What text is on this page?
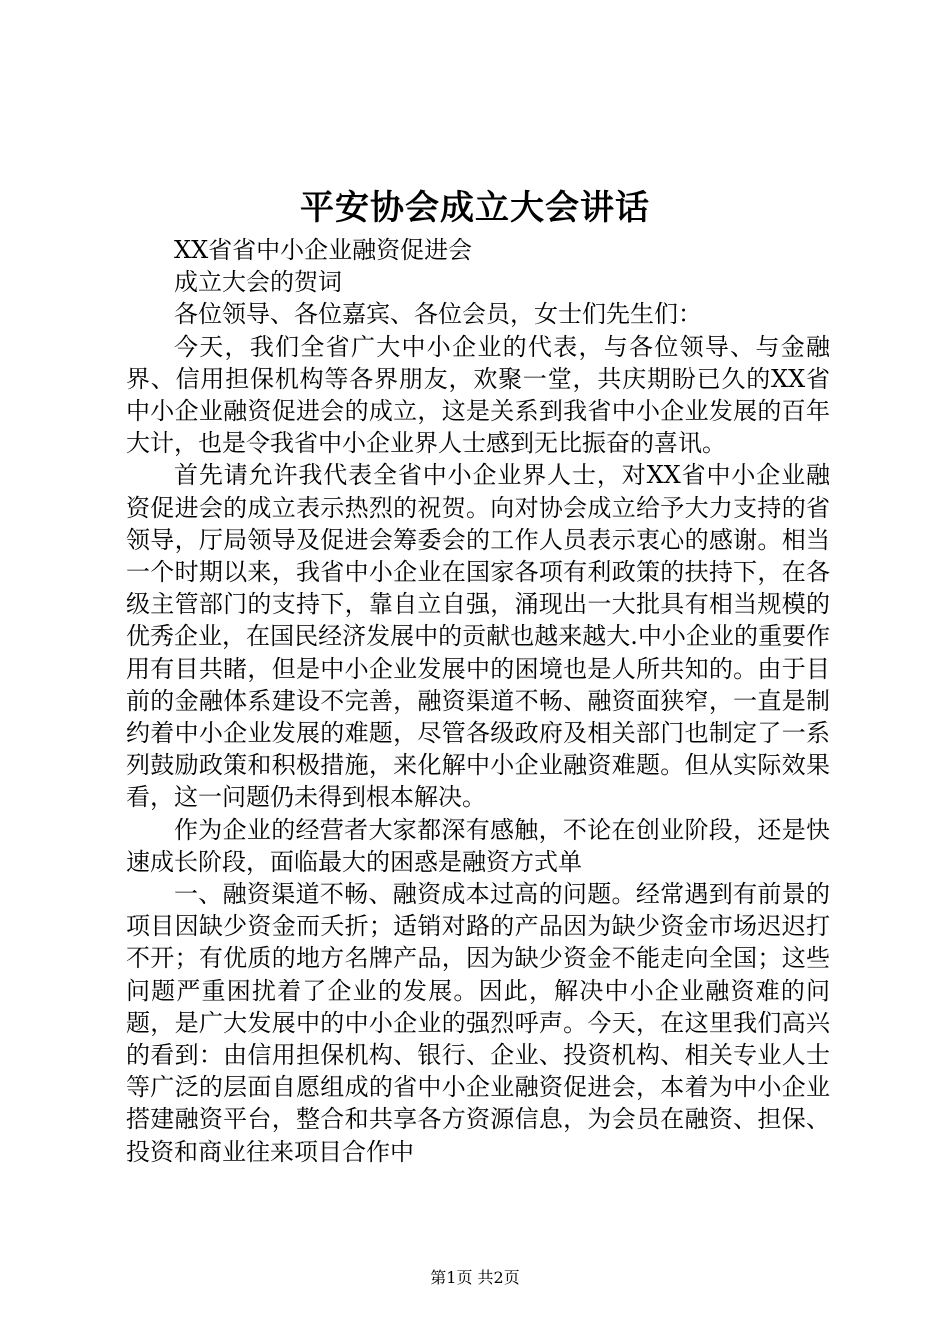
平安协会成立大会讲话

XX省省中小企业融资促进会

成立大会的贺词

各位领导、各位嘉宾、各位会员，女士们先生们：

今天，我们全省广大中小企业的代表，与各位领导、与金融界、信用担保机构等各界朋友，欢聚一堂，共庆期盼已久的XX省中小企业融资促进会的成立，这是关系到我省中小企业发展的百年大计，也是令我省中小企业界人士感到无比振奋的喜讯。

首先请允许我代表全省中小企业界人士，对XX省中小企业融资促进会的成立表示热烈的祝贺。向对协会成立给予大力支持的省领导，厅局领导及促进会筹委会的工作人员表示衷心的感谢。相当一个时期以来，我省中小企业在国家各项有利政策的扶持下，在各级主管部门的支持下，靠自立自强，涌现出一大批具有相当规模的优秀企业，在国民经济发展中的贡献也越来越大.中小企业的重要作用有目共睹，但是中小企业发展中的困境也是人所共知的。由于目前的金融体系建设不完善，融资渠道不畅、融资面狭窄，一直是制约着中小企业发展的难题，尽管各级政府及相关部门也制定了一系列鼓励政策和积极措施，来化解中小企业融资难题。但从实际效果看，这一问题仍未得到根本解决。

作为企业的经营者大家都深有感触，不论在创业阶段，还是快速成长阶段，面临最大的困惑是融资方式单

一、融资渠道不畅、融资成本过高的问题。经常遇到有前景的项目因缺少资金而夭折；适销对路的产品因为缺少资金市场迟迟打不开；有优质的地方名牌产品，因为缺少资金不能走向全国；这些问题严重困扰着了企业的发展。因此，解决中小企业融资难的问题，是广大发展中的中小企业的强烈呼声。今天，在这里我们高兴的看到：由信用担保机构、银行、企业、投资机构、相关专业人士等广泛的层面自愿组成的省中小企业融资促进会，本着为中小企业搭建融资平台，整合和共享各方资源信息，为会员在融资、担保、投资和商业往来项目合作中

第1页 共2页
